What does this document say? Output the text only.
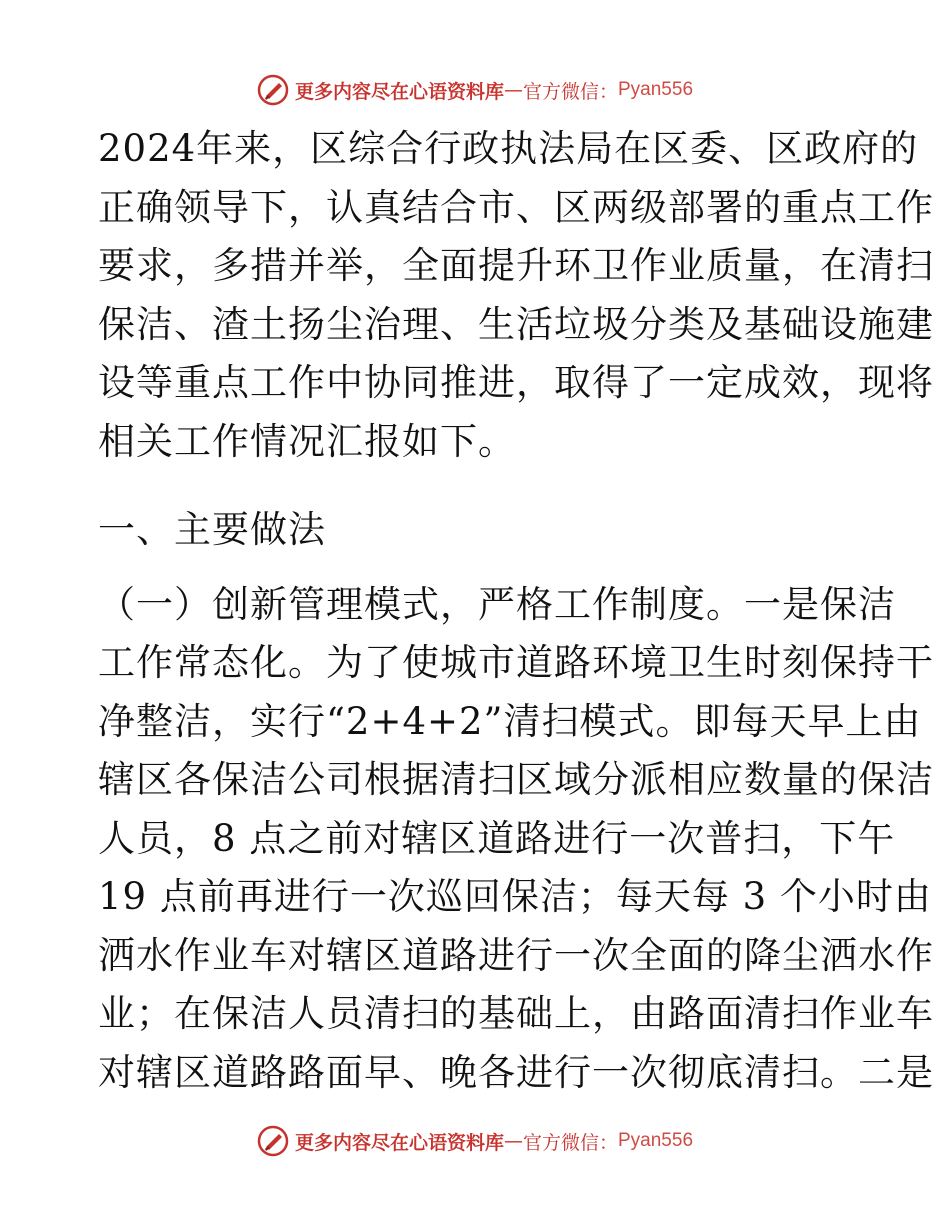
更多内容尽在心语资料库 — 官方微信： Pyan556
2024年来，区综合行政执法局在区委、区政府的
正确领导下，认真结合市、区两级部署的重点工作
要求，多措并举，全面提升环卫作业质量，在清扫
保洁、渣土扬尘治理、生活垃圾分类及基础设施建
设等重点工作中协同推进，取得了一定成效，现将
相关工作情况汇报如下。
一、主要做法
（一）创新管理模式，严格工作制度。一是保洁
工作常态化。为了使城市道路环境卫生时刻保持干
净整洁，实行“2+4+2”清扫模式。即每天早上由
辖区各保洁公司根据清扫区域分派相应数量的保洁
人员，8 点之前对辖区道路进行一次普扫，下午
19 点前再进行一次巡回保洁；每天每 3 个小时由
洒水作业车对辖区道路进行一次全面的降尘洒水作
业；在保洁人员清扫的基础上，由路面清扫作业车
对辖区道路路面早、晚各进行一次彻底清扫。二是
更多内容尽在心语资料库 — 官方微信： Pyan556
